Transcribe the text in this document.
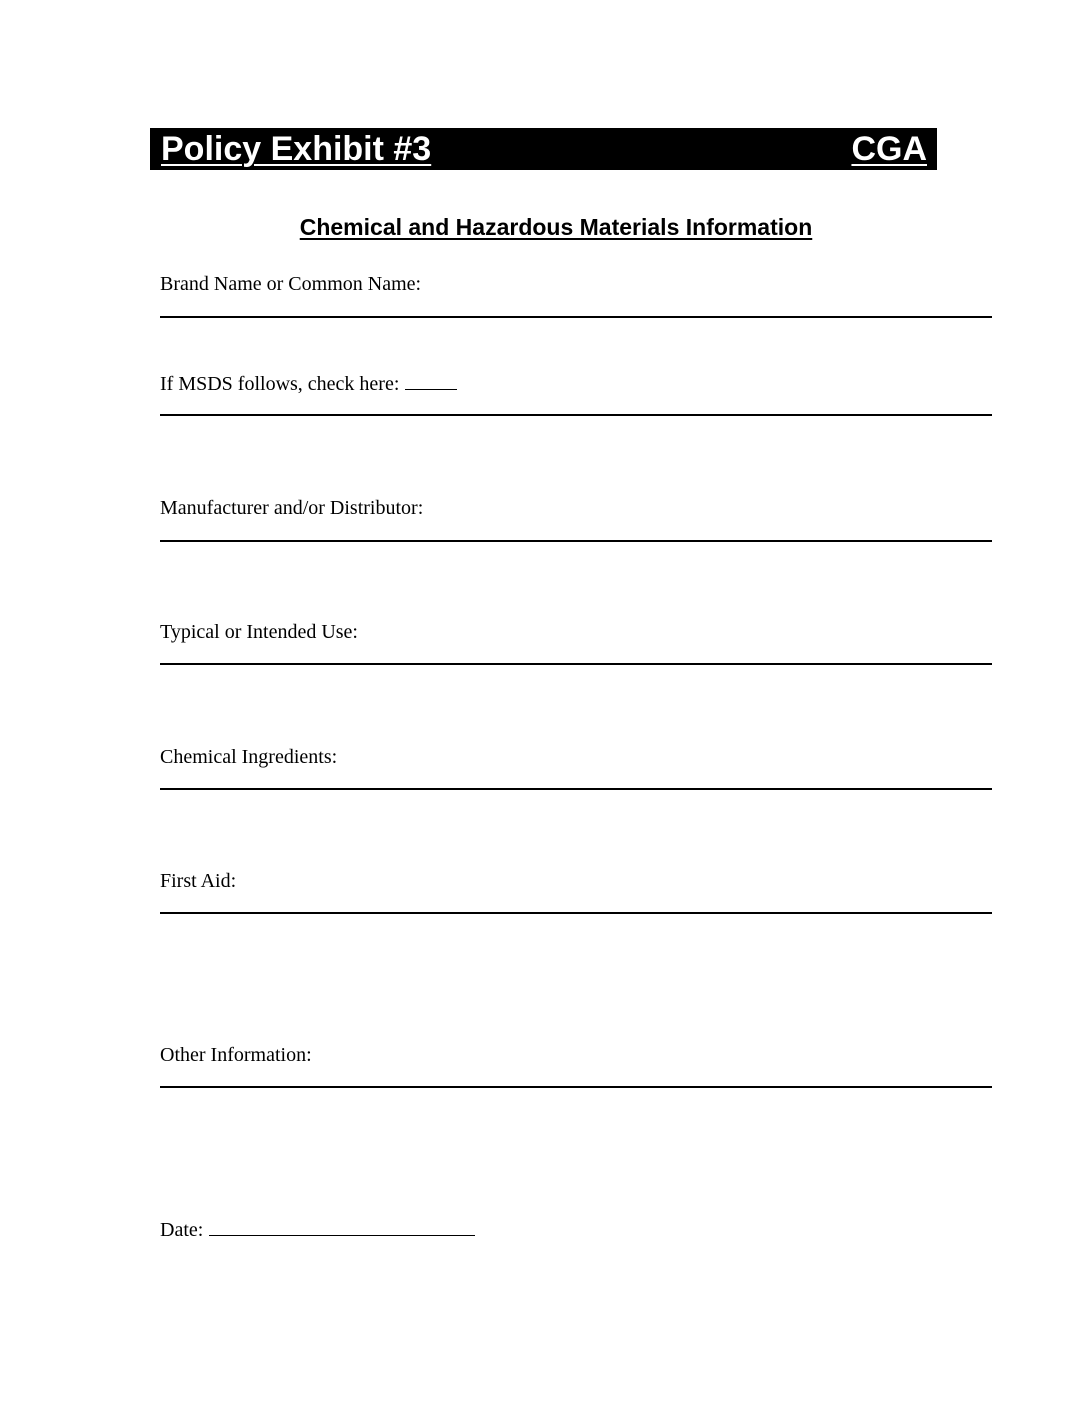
Policy Exhibit #3	CGA
Chemical and Hazardous Materials Information
Brand Name or Common Name:
If MSDS follows, check here:
Manufacturer and/or Distributor:
Typical or Intended Use:
Chemical Ingredients:
First Aid:
Other Information:
Date:
